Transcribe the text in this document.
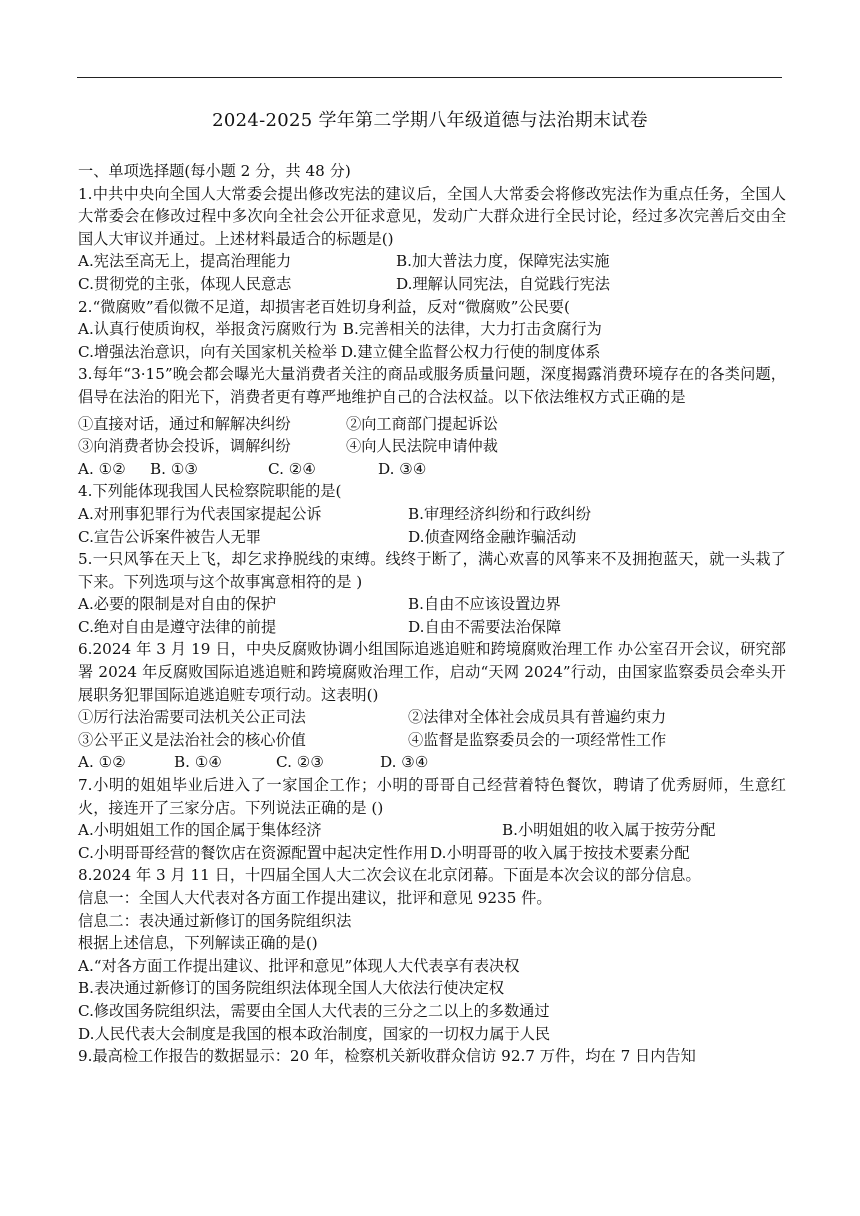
2024-2025 学年第二学期八年级道德与法治期末试卷
一、单项选择题(每小题 2 分，共 48 分)
1.中共中央向全国人大常委会提出修改宪法的建议后，全国人大常委会将修改宪法作为重点任务，全国人大常委会在修改过程中多次向全社会公开征求意见，发动广大群众进行全民讨论，经过多次完善后交由全国人大审议并通过。上述材料最适合的标题是()
A.宪法至高无上，提高治理能力	B.加大普法力度，保障宪法实施
C.贯彻党的主张，体现人民意志	D.理解认同宪法，自觉践行宪法
2.“微腐败”看似微不足道，却损害老百姓切身利益，反对“微腐败”公民要(
A.认真行使质询权，举报贪污腐败行为 B.完善相关的法律，大力打击贪腐行为
C.增强法治意识，向有关国家机关检举 D.建立健全监督公权力行使的制度体系
3.每年“3·15”晚会都会曝光大量消费者关注的商品或服务质量问题，深度揭露消费环境存在的各类问题，倡导在法治的阳光下，消费者更有尊严地维护自己的合法权益。以下依法维权方式正确的是
①直接对话，通过和解解决纠纷	②向工商部门提起诉讼
③向消费者协会投诉，调解纠纷	④向人民法院申请仲裁
A. ①②	B. ①③	C. ②④	D. ③④
4.下列能体现我国人民检察院职能的是(
A.对刑事犯罪行为代表国家提起公诉	B.审理经济纠纷和行政纠纷
C.宣告公诉案件被告人无罪	D.侦查网络金融诈骗活动
5.一只风筝在天上飞，却乞求挣脱线的束缚。线终于断了，满心欢喜的风筝来不及拥抱蓝天，就一头栽了下来。下列选项与这个故事寓意相符的是 )
A.必要的限制是对自由的保护	B.自由不应该设置边界
C.绝对自由是遵守法律的前提	D.自由不需要法治保障
6.2024 年 3 月 19 日，中央反腐败协调小组国际追逃追赃和跨境腐败治理工作 办公室召开会议，研究部署 2024 年反腐败国际追逃追赃和跨境腐败治理工作，启动“天网 2024”行动，由国家监察委员会牵头开展职务犯罪国际追逃追赃专项行动。这表明()
①厉行法治需要司法机关公正司法	②法律对全体社会成员具有普遍约束力
③公平正义是法治社会的核心价值	④监督是监察委员会的一项经常性工作
A. ①②	B. ①④	C. ②③	D. ③④
7.小明的姐姐毕业后进入了一家国企工作；小明的哥哥自己经营着特色餐饮，聘请了优秀厨师，生意红火，接连开了三家分店。下列说法正确的是 ()
A.小明姐姐工作的国企属于集体经济	B.小明姐姐的收入属于按劳分配
C.小明哥哥经营的餐饮店在资源配置中起决定性作用 D.小明哥哥的收入属于按技术要素分配
8.2024 年 3 月 11 日，十四届全国人大二次会议在北京闭幕。下面是本次会议的部分信息。
信息一：全国人大代表对各方面工作提出建议，批评和意见 9235 件。
信息二：表决通过新修订的国务院组织法
根据上述信息，下列解读正确的是()
A.“对各方面工作提出建议、批评和意见”体现人大代表享有表决权
B.表决通过新修订的国务院组织法体现全国人大依法行使决定权
C.修改国务院组织法，需要由全国人大代表的三分之二以上的多数通过
D.人民代表大会制度是我国的根本政治制度，国家的一切权力属于人民
9.最高检工作报告的数据显示：20 年，检察机关新收群众信访 92.7 万件，均在 7 日内告知
